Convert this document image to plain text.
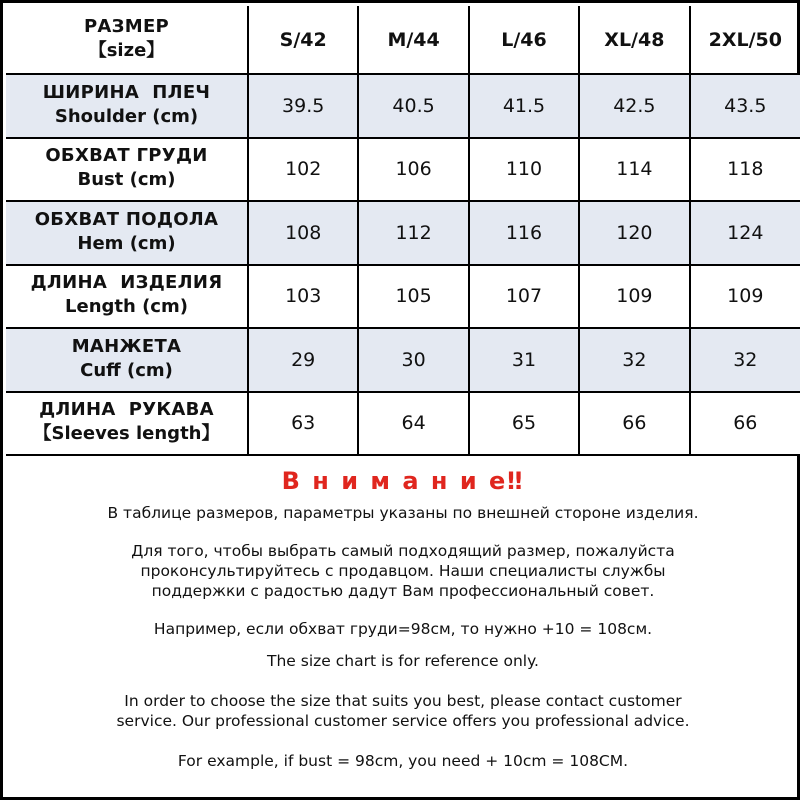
РАЗМЕР
【size】	S/42	M/44	L/46	XL/48	2XL/50

ШИРИНА  ПЛЕЧ
Shoulder (cm)	39.5	40.5	41.5	42.5	43.5

ОБХВАТ ГРУДИ
Bust (cm)	102	106	110	114	118

ОБХВАТ ПОДОЛА
Hem (cm)	108	112	116	120	124

ДЛИНА  ИЗДЕЛИЯ
Length (cm)	103	105	107	109	109

МАНЖЕТА
Cuff (cm)	29	30	31	32	32

ДЛИНА  РУКАВА
【Sleeves length】	63	64	65	66	66
В н и м а н и е‼

В таблице размеров, параметры указаны по внешней стороне изделия.

Для того, чтобы выбрать самый подходящий размер, пожалуйста
проконсультируйтесь с продавцом. Наши специалисты службы
поддержки с радостью дадут Вам профессиональный совет.

Например, если обхват груди=98см, то нужно +10 = 108см.

The size chart is for reference only.

In order to choose the size that suits you best, please contact customer
service. Our professional customer service offers you professional advice.

For example, if bust = 98cm, you need + 10cm = 108CM.
